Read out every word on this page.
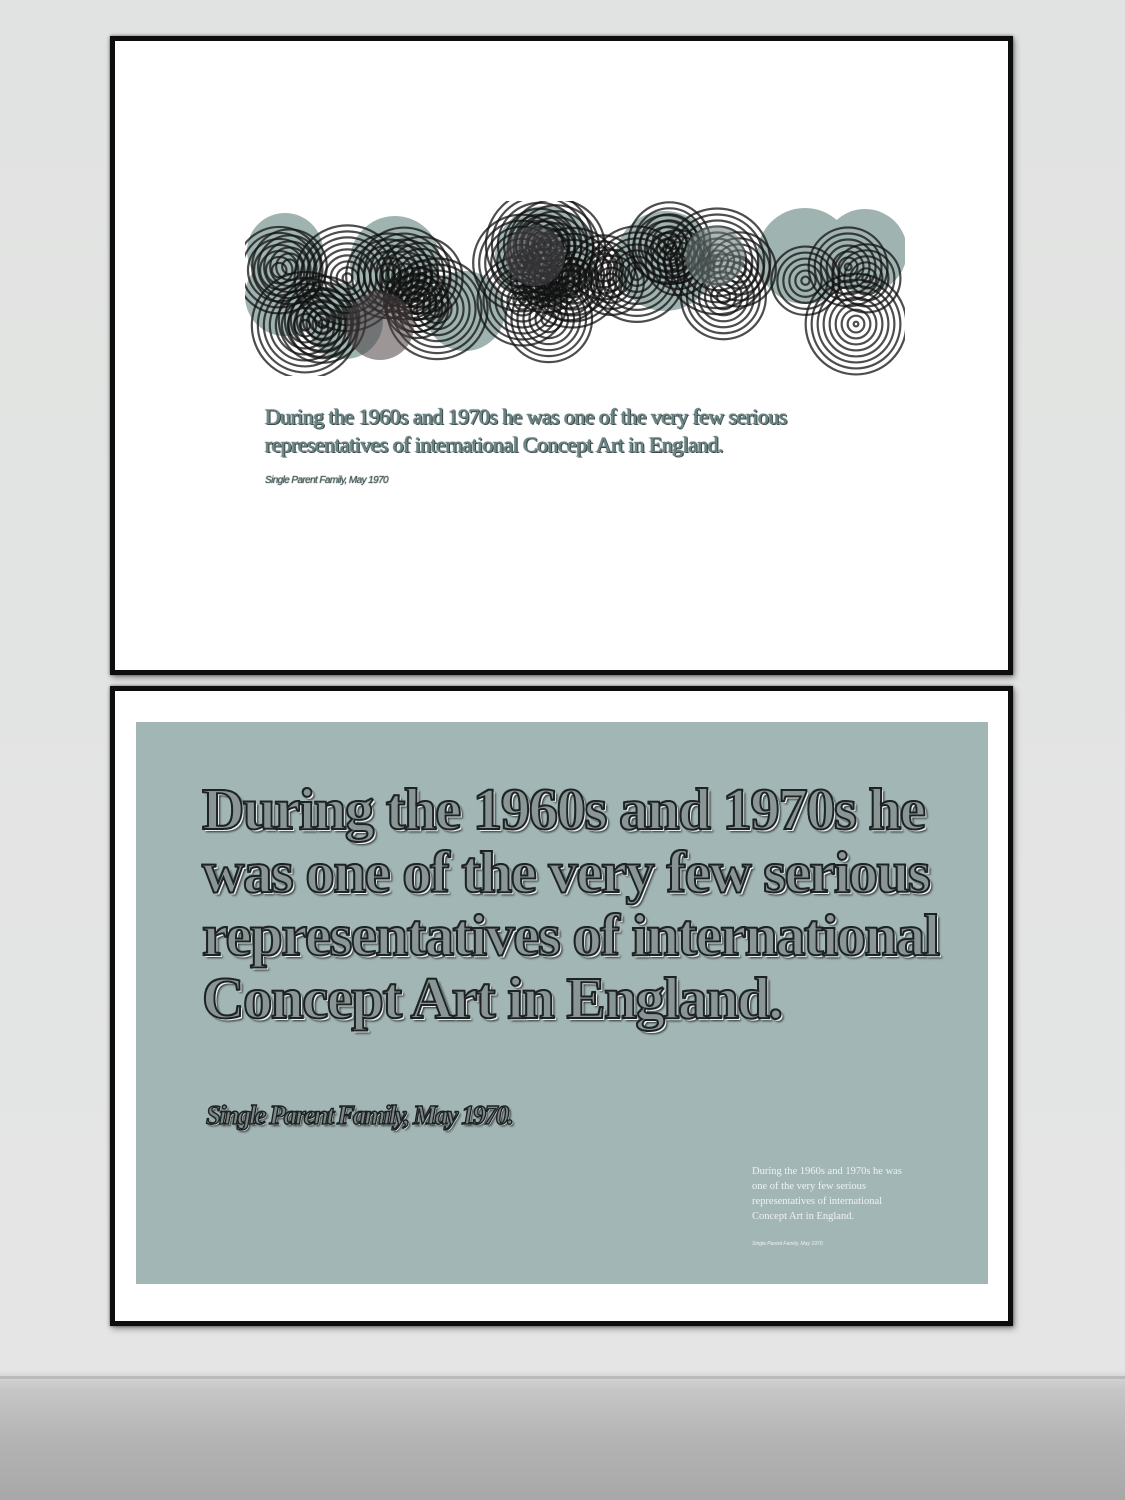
During the 1960s and 1970s he was one of the very few serious representatives of international Concept Art in England.
Single Parent Family, May 1970
During the 1960s and 1970s he was one of the very few serious representatives of international Concept Art in England.
Single Parent Family, May 1970.
During the 1960s and 1970s he was one of the very few serious representatives of international Concept Art in England.
Single Parent Family, May 1970.
